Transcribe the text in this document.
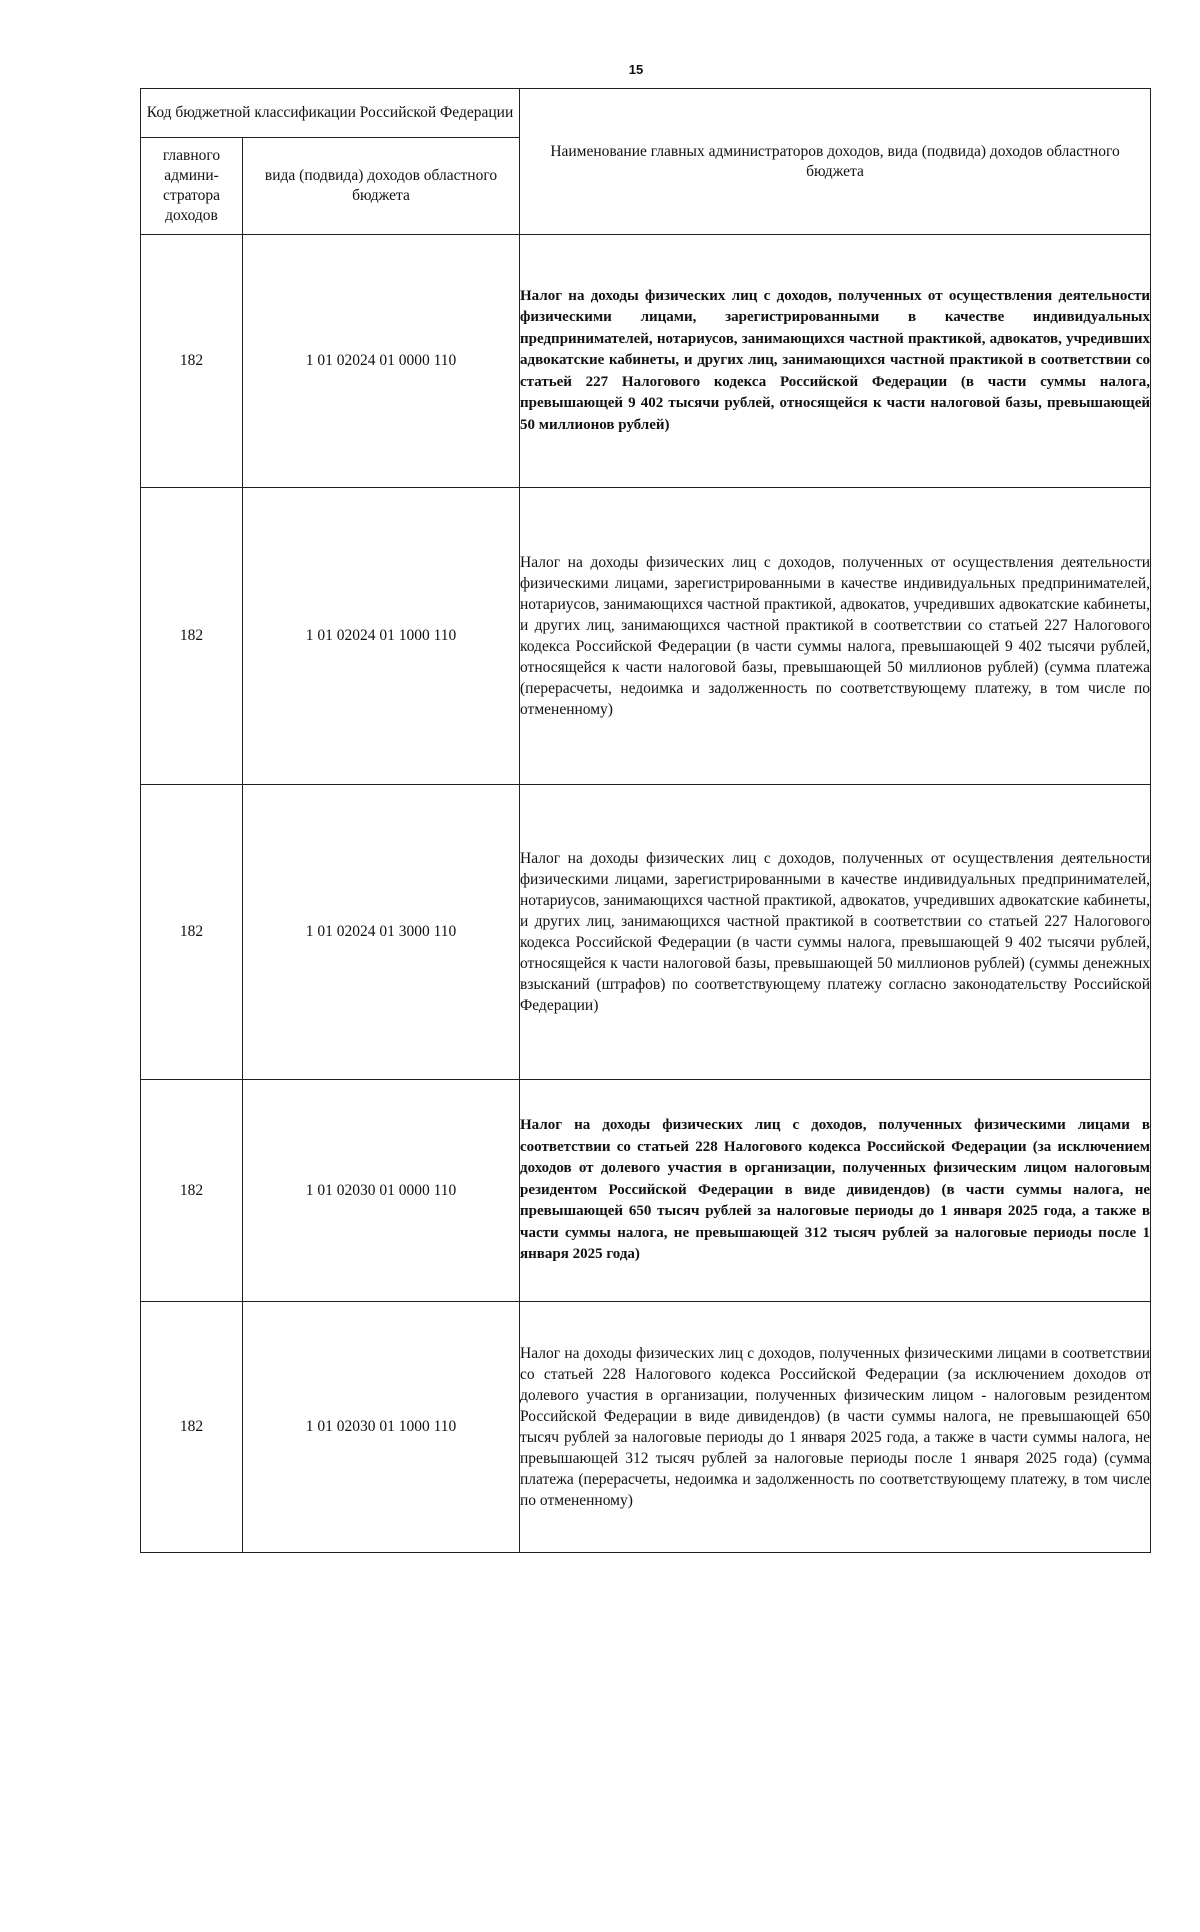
15
Код бюджетной классификации Российской Федерации		Наименование главных администраторов доходов, вида (подвида) доходов областного бюджета
главного админи-стратора доходов	вида (подвида) доходов областного бюджета	
182	1 01 02024 01 0000 110	Налог на доходы физических лиц с доходов, полученных от осуществления деятельности физическими лицами, зарегистрированными в качестве индивидуальных предпринимателей, нотариусов, занимающихся частной практикой, адвокатов, учредивших адвокатские кабинеты, и других лиц, занимающихся частной практикой в соответствии со статьей 227 Налогового кодекса Российской Федерации (в части суммы налога, превышающей 9 402 тысячи рублей, относящейся к части налоговой базы, превышающей 50 миллионов рублей)
182	1 01 02024 01 1000 110	Налог на доходы физических лиц с доходов, полученных от осуществления деятельности физическими лицами, зарегистрированными в качестве индивидуальных предпринимателей, нотариусов, занимающихся частной практикой, адвокатов, учредивших адвокатские кабинеты, и других лиц, занимающихся частной практикой в соответствии со статьей 227 Налогового кодекса Российской Федерации (в части суммы налога, превышающей 9 402 тысячи рублей, относящейся к части налоговой базы, превышающей 50 миллионов рублей) (сумма платежа (перерасчеты, недоимка и задолженность по соответствующему платежу, в том числе по отмененному)
182	1 01 02024 01 3000 110	Налог на доходы физических лиц с доходов, полученных от осуществления деятельности физическими лицами, зарегистрированными в качестве индивидуальных предпринимателей, нотариусов, занимающихся частной практикой, адвокатов, учредивших адвокатские кабинеты, и других лиц, занимающихся частной практикой в соответствии со статьей 227 Налогового кодекса Российской Федерации (в части суммы налога, превышающей 9 402 тысячи рублей, относящейся к части налоговой базы, превышающей 50 миллионов рублей) (суммы денежных взысканий (штрафов) по соответствующему платежу согласно законодательству Российской Федерации)
182	1 01 02030 01 0000 110	Налог на доходы физических лиц с доходов, полученных физическими лицами в соответствии со статьей 228 Налогового кодекса Российской Федерации (за исключением доходов от долевого участия в организации, полученных физическим лицом налоговым резидентом Российской Федерации в виде дивидендов) (в части суммы налога, не превышающей 650 тысяч рублей за налоговые периоды до 1 января 2025 года, а также в части суммы налога, не превышающей 312 тысяч рублей за налоговые периоды после 1 января 2025 года)
182	1 01 02030 01 1000 110	Налог на доходы физических лиц с доходов, полученных физическими лицами в соответствии со статьей 228 Налогового кодекса Российской Федерации (за исключением доходов от долевого участия в организации, полученных физическим лицом - налоговым резидентом Российской Федерации в виде дивидендов) (в части суммы налога, не превышающей 650 тысяч рублей за налоговые периоды до 1 января 2025 года, а также в части суммы налога, не превышающей 312 тысяч рублей за налоговые периоды после 1 января 2025 года) (сумма платежа (перерасчеты, недоимка и задолженность по соответствующему платежу, в том числе по отмененному)
